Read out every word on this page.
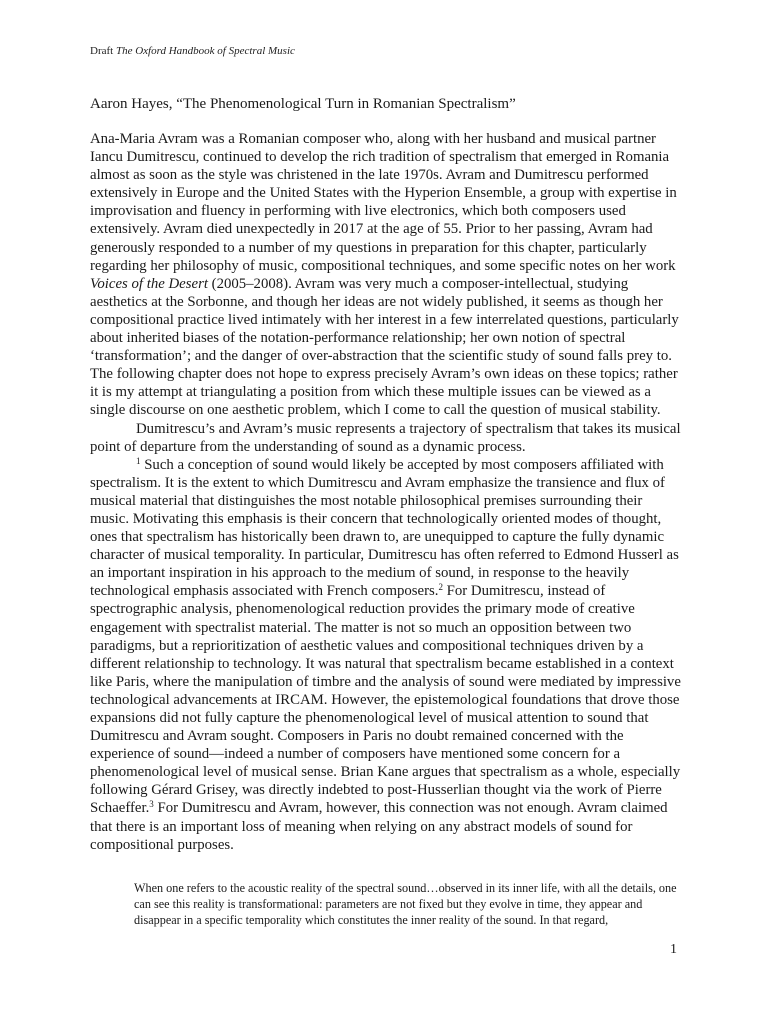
Draft The Oxford Handbook of Spectral Music
Aaron Hayes, “The Phenomenological Turn in Romanian Spectralism”

Ana-Maria Avram was a Romanian composer who, along with her husband and musical partner Iancu Dumitrescu, continued to develop the rich tradition of spectralism that emerged in Romania almost as soon as the style was christened in the late 1970s. Avram and Dumitrescu performed extensively in Europe and the United States with the Hyperion Ensemble, a group with expertise in improvisation and fluency in performing with live electronics, which both composers used extensively. Avram died unexpectedly in 2017 at the age of 55. Prior to her passing, Avram had generously responded to a number of my questions in preparation for this chapter, particularly regarding her philosophy of music, compositional techniques, and some specific notes on her work Voices of the Desert (2005–2008). Avram was very much a composer-intellectual, studying aesthetics at the Sorbonne, and though her ideas are not widely published, it seems as though her compositional practice lived intimately with her interest in a few interrelated questions, particularly about inherited biases of the notation-performance relationship; her own notion of spectral ‘transformation’; and the danger of over-abstraction that the scientific study of sound falls prey to. The following chapter does not hope to express precisely Avram’s own ideas on these topics; rather it is my attempt at triangulating a position from which these multiple issues can be viewed as a single discourse on one aesthetic problem, which I come to call the question of musical stability.

Dumitrescu’s and Avram’s music represents a trajectory of spectralism that takes its musical point of departure from the understanding of sound as a dynamic process.

$^1$ Such a conception of sound would likely be accepted by most composers affiliated with spectralism. It is the extent to which Dumitrescu and Avram emphasize the transience and flux of musical material that distinguishes the most notable philosophical premises surrounding their music. Motivating this emphasis is their concern that technologically oriented modes of thought, ones that spectralism has historically been drawn to, are unequipped to capture the fully dynamic character of musical temporality. In particular, Dumitrescu has often referred to Edmond Husserl as an important inspiration in his approach to the medium of sound, in response to the heavily technological emphasis associated with French composers.$^2$ For Dumitrescu, instead of spectrographic analysis, phenomenological reduction provides the primary mode of creative engagement with spectralist material. The matter is not so much an opposition between two paradigms, but a reprioritization of aesthetic values and compositional techniques driven by a different relationship to technology. It was natural that spectralism became established in a context like Paris, where the manipulation of timbre and the analysis of sound were mediated by impressive technological advancements at IRCAM. However, the epistemological foundations that drove those expansions did not fully capture the phenomenological level of musical attention to sound that Dumitrescu and Avram sought. Composers in Paris no doubt remained concerned with the experience of sound—indeed a number of composers have mentioned some concern for a phenomenological level of musical sense. Brian Kane argues that spectralism as a whole, especially following Gérard Grisey, was directly indebted to post-Husserlian thought via the work of Pierre Schaeffer.$^3$ For Dumitrescu and Avram, however, this connection was not enough. Avram claimed that there is an important loss of meaning when relying on any abstract models of sound for compositional purposes.

When one refers to the acoustic reality of the spectral sound…observed in its inner life, with all the details, one can see this reality is transformational: parameters are not fixed but they evolve in time, they appear and disappear in a specific temporality which constitutes the inner reality of the sound. In that regard,
1
